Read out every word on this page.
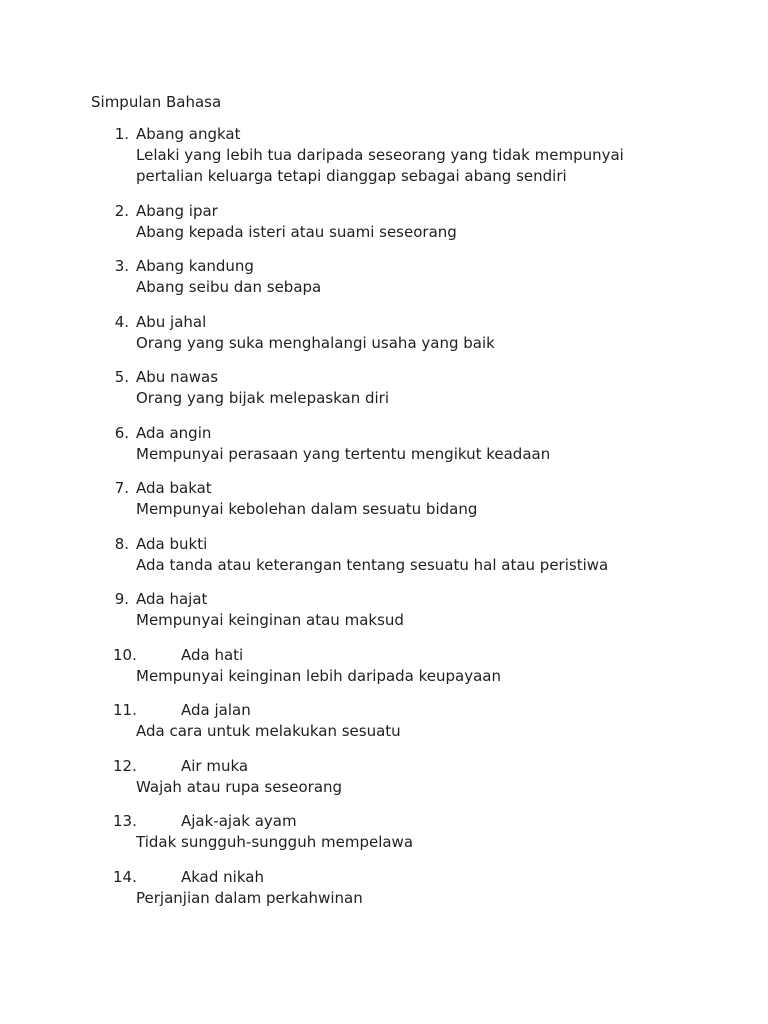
Simpulan Bahasa
1. Abang angkat
Lelaki yang lebih tua daripada seseorang yang tidak mempunyai pertalian keluarga tetapi dianggap sebagai abang sendiri
2. Abang ipar
Abang kepada isteri atau suami seseorang
3. Abang kandung
Abang seibu dan sebapa
4. Abu jahal
Orang yang suka menghalangi usaha yang baik
5. Abu nawas
Orang yang bijak melepaskan diri
6. Ada angin
Mempunyai perasaan yang tertentu mengikut keadaan
7. Ada bakat
Mempunyai kebolehan dalam sesuatu bidang
8. Ada bukti
Ada tanda atau keterangan tentang sesuatu hal atau peristiwa
9. Ada hajat
Mempunyai keinginan atau maksud
10.	Ada hati
Mempunyai keinginan lebih daripada keupayaan
11.	Ada jalan
Ada cara untuk melakukan sesuatu
12.	Air muka
Wajah atau rupa seseorang
13.	Ajak-ajak ayam
Tidak sungguh-sungguh mempelawa
14.	Akad nikah
Perjanjian dalam perkahwinan
